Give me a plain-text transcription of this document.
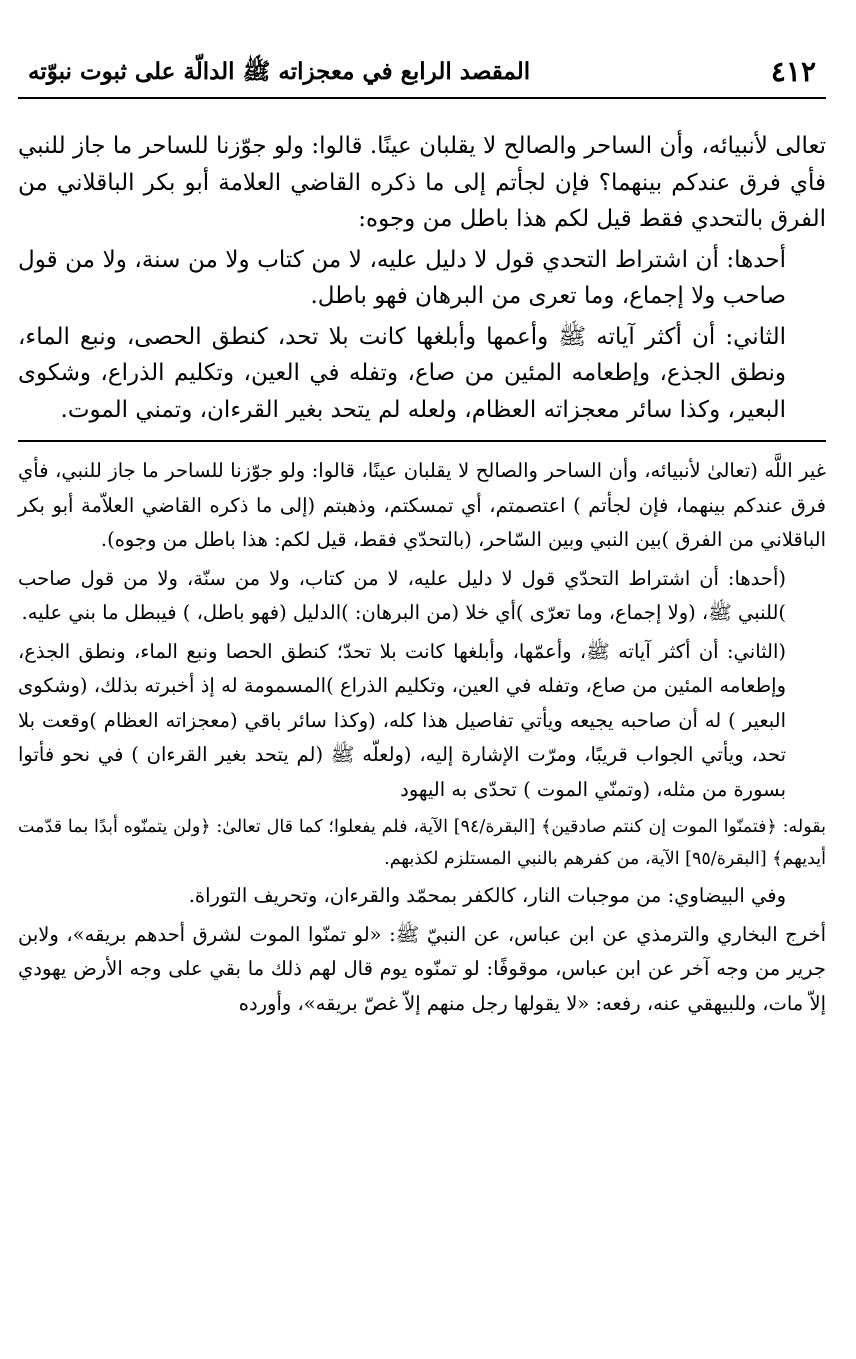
٤١٢
المقصد الرابع في معجزاته ﷺ الدالّة على ثبوت نبوّته

تعالى لأنبيائه، وأن الساحر والصالح لا يقلبان عينًا. قالوا: ولو جوّزنا للساحر ما جاز للنبي فأي فرق عندكم بينهما؟ فإن لجأتم إلى ما ذكره القاضي العلامة أبو بكر الباقلاني من الفرق بالتحدي فقط قيل لكم هذا باطل من وجوه:

أحدها: أن اشتراط التحدي قول لا دليل عليه، لا من كتاب ولا من سنة، ولا من قول صاحب ولا إجماع، وما تعرى من البرهان فهو باطل.

الثاني: أن أكثر آياته ﷺ وأعمها وأبلغها كانت بلا تحد، كنطق الحصى، ونبع الماء، ونطق الجذع، وإطعامه المئين من صاع، وتفله في العين، وتكليم الذراع، وشكوى البعير، وكذا سائر معجزاته العظام، ولعله لم يتحد بغير القرءان، وتمني الموت.

غير اللَّه (تعالىٰ لأنبيائه، وأن الساحر والصالح لا يقلبان عينًا، قالوا: ولو جوّزنا للساحر ما جاز للنبي، فأي فرق عندكم بينهما، فإن لجأتم ) اعتصمتم، أي تمسكتم، وذهبتم (إلى ما ذكره القاضي العلاّمة أبو بكر الباقلاني من الفرق )بين النبي وبين السّاحر، (بالتحدّي فقط، قيل لكم: هذا باطل من وجوه).

(أحدها: أن اشتراط التحدّي قول لا دليل عليه، لا من كتاب، ولا من سنّة، ولا من قول صاحب )للنبي ﷺ، (ولا إجماع، وما تعرّى )أي خلا (من البرهان: )الدليل (فهو باطل، ) فيبطل ما بني عليه.

(الثاني: أن أكثر آياته ﷺ، وأعمّها، وأبلغها كانت بلا تحدّ؛ كنطق الحصا ونبع الماء، ونطق الجذع، وإطعامه المئين من صاع، وتفله في العين، وتكليم الذراع )المسمومة له إذ أخبرته بذلك، (وشكوى البعير ) له أن صاحبه يجيعه ويأتي تفاصيل هذا كله، (وكذا سائر باقي (معجزاته العظام )وقعت بلا تحد، ويأتي الجواب قريبًا، ومرّت الإشارة إليه، (ولعلّه ﷺ (لم يتحد بغير القرءان ) في نحو فأتوا بسورة من مثله، (وتمنّي الموت ) تحدّى به اليهود

بقوله: ﴿فتمنّوا الموت إن كنتم صادقين﴾ [البقرة/٩٤] الآية، فلم يفعلوا؛ كما قال تعالىٰ: ﴿ولن يتمنّوه أبدًا بما قدّمت أيديهم﴾ [البقرة/٩٥] الآية، من كفرهم بالنبي المستلزم لكذبهم.

وفي البيضاوي: من موجبات النار، كالكفر بمحمّد والقرءان، وتحريف التوراة.

أخرج البخاري والترمذي عن ابن عباس، عن النبيّ ﷺ: «لو تمنّوا الموت لشرق أحدهم بريقه»، ولابن جرير من وجه آخر عن ابن عباس، موقوفًا: لو تمنّوه يوم قال لهم ذلك ما بقي على وجه الأرض يهودي إلاّ مات، وللبيهقي عنه، رفعه: «لا يقولها رجل منهم إلاّ غصّ بريقه»، وأورده
